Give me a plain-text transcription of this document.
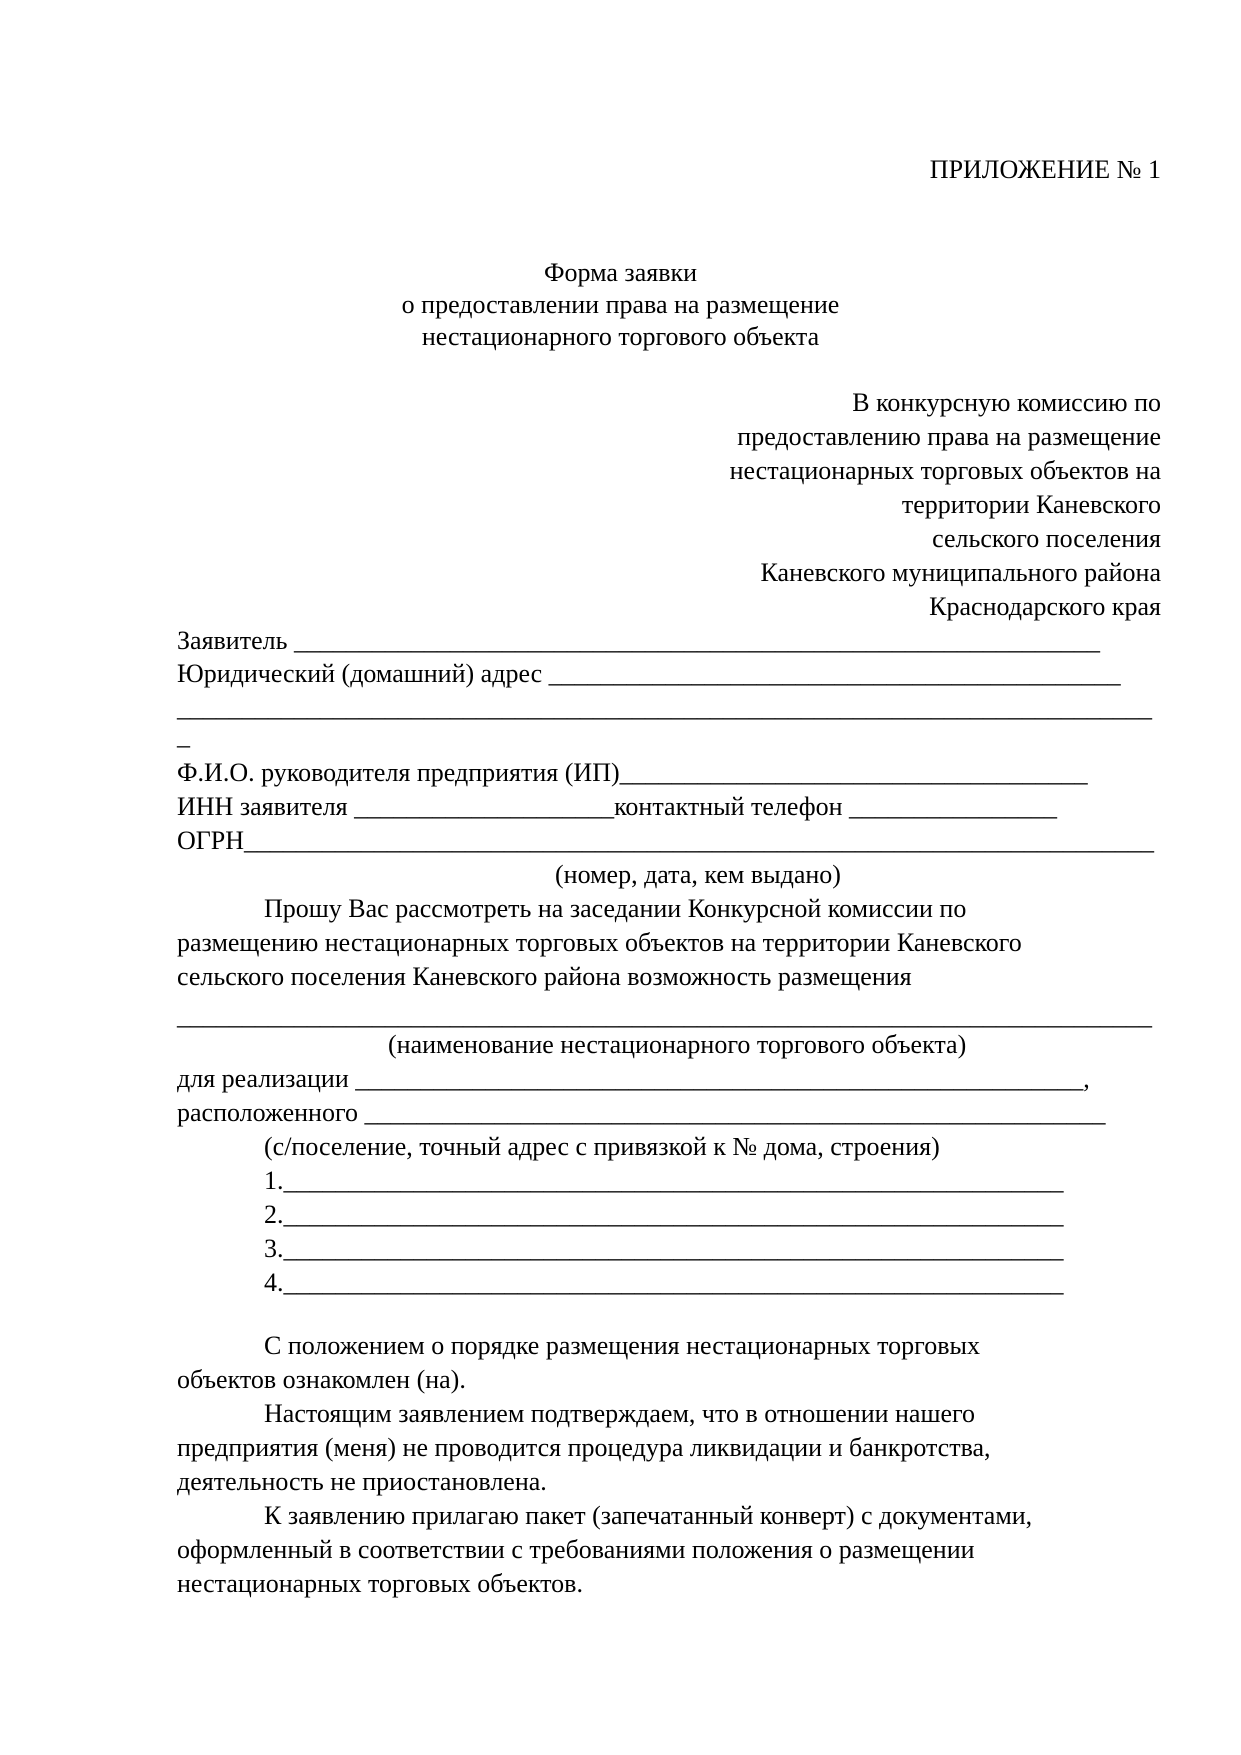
ПРИЛОЖЕНИЕ № 1
Форма заявки
о предоставлении права на размещение
нестационарного торгового объекта
В конкурсную комиссию по
предоставлению права на размещение
нестационарных торговых объектов на
территории Каневского
сельского поселения
Каневского муниципального района
Краснодарского края
Заявитель ______________________________________________________________
Юридический (домашний) адрес ____________________________________________
___________________________________________________________________________
_
Ф.И.О. руководителя предприятия (ИП)____________________________________
ИНН заявителя ____________________контактный телефон ________________
ОГРН______________________________________________________________________
(номер, дата, кем выдано)
Прошу Вас рассмотреть на заседании Конкурсной комиссии по
размещению нестационарных торговых объектов на территории Каневского
сельского поселения Каневского района возможность размещения
___________________________________________________________________________
(наименование нестационарного торгового объекта)
для реализации ________________________________________________________,
расположенного _________________________________________________________
(с/поселение, точный адрес с привязкой к № дома, строения)
1.____________________________________________________________
2.____________________________________________________________
3.____________________________________________________________
4.____________________________________________________________
С положением о порядке размещения нестационарных торговых
объектов ознакомлен (на).
Настоящим заявлением подтверждаем, что в отношении нашего
предприятия (меня) не проводится процедура ликвидации и банкротства,
деятельность не приостановлена.
К заявлению прилагаю пакет (запечатанный конверт) с документами,
оформленный в соответствии с требованиями положения о размещении
нестационарных торговых объектов.
